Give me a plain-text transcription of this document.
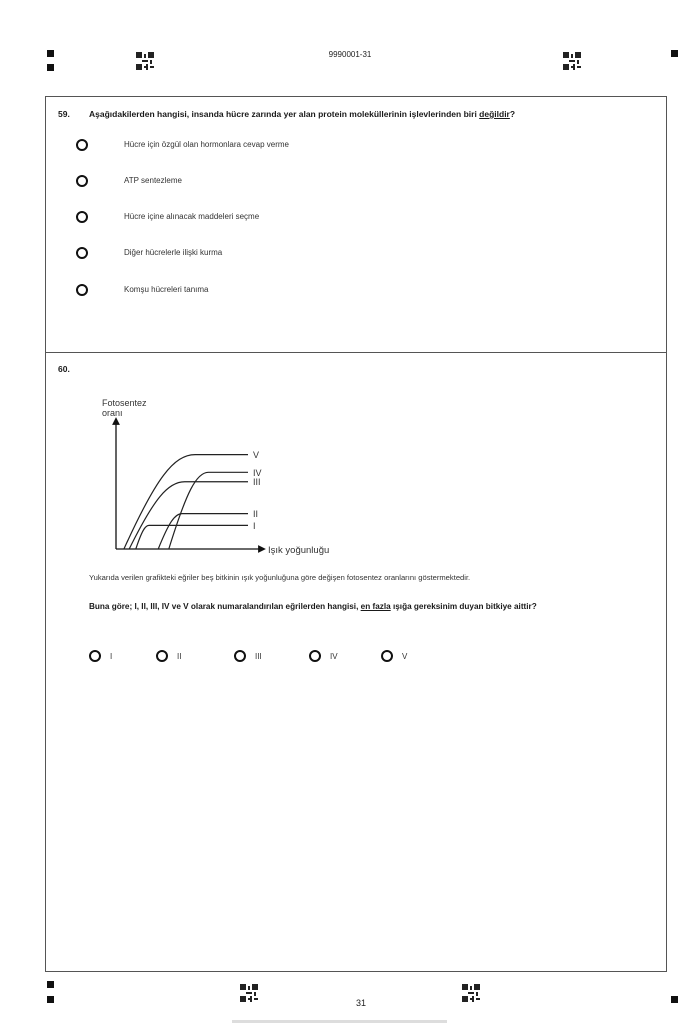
9990001-31
59. Aşağıdakilerden hangisi, insanda hücre zarında yer alan protein moleküllerinin işlevlerinden biri değildir?
Hücre için özgül olan hormonlara cevap verme
ATP sentezleme
Hücre içine alınacak maddeleri seçme
Diğer hücrelerle ilişki kurma
Komşu hücreleri tanıma
60.
Fotosentez
oranı
Işık yoğunluğu
I
II
III
IV
V
Yukarıda verilen grafikteki eğriler beş bitkinin ışık yoğunluğuna göre değişen fotosentez oranlarını göstermektedir.
Buna göre; I, II, III, IV ve V olarak numaralandırılan eğrilerden hangisi, en fazla ışığa gereksinim duyan bitkiye aittir?
I	II	III	IV	V
31
